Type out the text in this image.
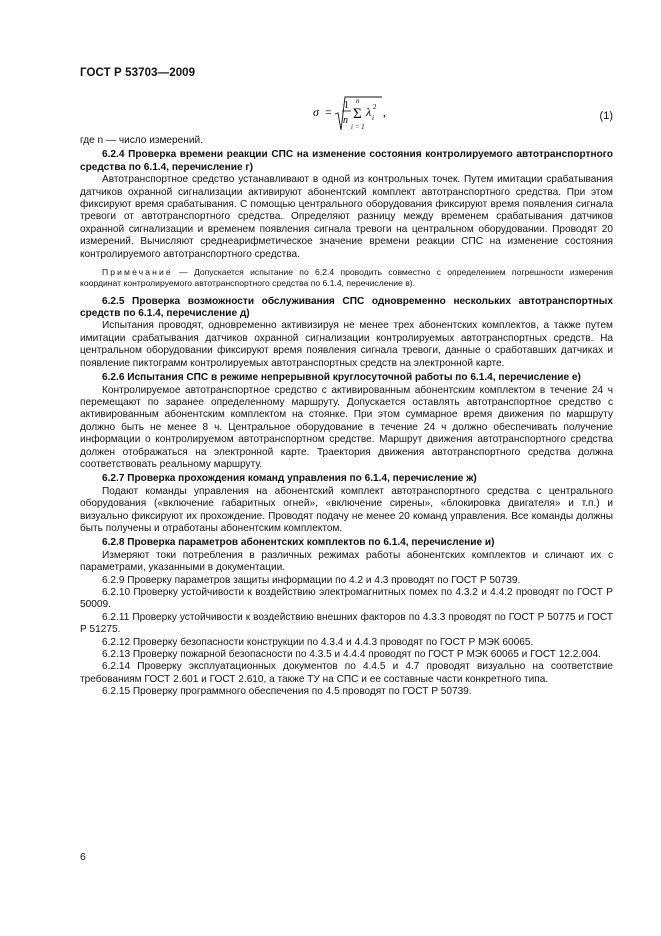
ГОСТ Р 53703—2009
σ = 1
n
n
Σ
i = 1
λ i
2 ,	(1)

где n — число измерений.

6.2.4 Проверка времени реакции СПС на изменение состояния контролируемого автотранспортного средства по 6.1.4, перечисление г)

Автотранспортное средство устанавливают в одной из контрольных точек. Путем имитации срабатывания датчиков охранной сигнализации активируют абонентский комплект автотранспортного средства. При этом фиксируют время срабатывания. С помощью центрального оборудования фиксируют время появления сигнала тревоги от автотранспортного средства. Определяют разницу между временем срабатывания датчиков охранной сигнализации и временем появления сигнала тревоги на центральном оборудовании. Проводят 20 измерений. Вычисляют среднеарифметическое значение времени реакции СПС на изменение состояния контролируемого автотранспортного средства.

Примечание — Допускается испытание по 6.2.4 проводить совместно с определением погрешности измерения координат контролируемого автотранспортного средства по 6.1.4, перечисление в).

6.2.5 Проверка возможности обслуживания СПС одновременно нескольких автотранспортных средств по 6.1.4, перечисление д)

Испытания проводят, одновременно активизируя не менее трех абонентских комплектов, а также путем имитации срабатывания датчиков охранной сигнализации контролируемых автотранспортных средств. На центральном оборудовании фиксируют время появления сигнала тревоги, данные о сработавших датчиках и появление пиктограмм контролируемых автотранспортных средств на электронной карте.

6.2.6 Испытания СПС в режиме непрерывной круглосуточной работы по 6.1.4, перечисление е)

Контролируемое автотранспортное средство с активированным абонентским комплектом в течение 24 ч перемещают по заранее определенному маршруту. Допускается оставлять автотранспортное средство с активированным абонентским комплектом на стоянке. При этом суммарное время движения по маршруту должно быть не менее 8 ч. Центральное оборудование в течение 24 ч должно обеспечивать получение информации о контролируемом автотранспортном средстве. Маршрут движения автотранспортного средства должен отображаться на электронной карте. Траектория движения автотранспортного средства должна соответствовать реальному маршруту.

6.2.7 Проверка прохождения команд управления по 6.1.4, перечисление ж)

Подают команды управления на абонентский комплект автотранспортного средства с центрального оборудования («включение габаритных огней», «включение сирены», «блокировка двигателя» и т.п.) и визуально фиксируют их прохождение. Проводят подачу не менее 20 команд управления. Все команды должны быть получены и отработаны абонентским комплектом.

6.2.8 Проверка параметров абонентских комплектов по 6.1.4, перечисление и)

Измеряют токи потребления в различных режимах работы абонентских комплектов и сличают их с параметрами, указанными в документации.

6.2.9 Проверку параметров защиты информации по 4.2 и 4.3 проводят по ГОСТ Р 50739.

6.2.10 Проверку устойчивости к воздействию электромагнитных помех по 4.3.2 и 4.4.2 проводят по ГОСТ Р 50009.

6.2.11 Проверку устойчивости к воздействию внешних факторов по 4.3.3 проводят по ГОСТ Р 50775 и ГОСТ Р 51275.

6.2.12 Проверку безопасности конструкции по 4.3.4 и 4.4.3 проводят по ГОСТ Р МЭК 60065.

6.2.13 Проверку пожарной безопасности по 4.3.5 и 4.4.4 проводят по ГОСТ Р МЭК 60065 и ГОСТ 12.2.004.

6.2.14 Проверку эксплуатационных документов по 4.4.5 и 4.7 проводят визуально на соответствие требованиям ГОСТ 2.601 и ГОСТ 2.610, а также ТУ на СПС и ее составные части конкретного типа.

6.2.15 Проверку программного обеспечения по 4.5 проводят по ГОСТ Р 50739.

6
